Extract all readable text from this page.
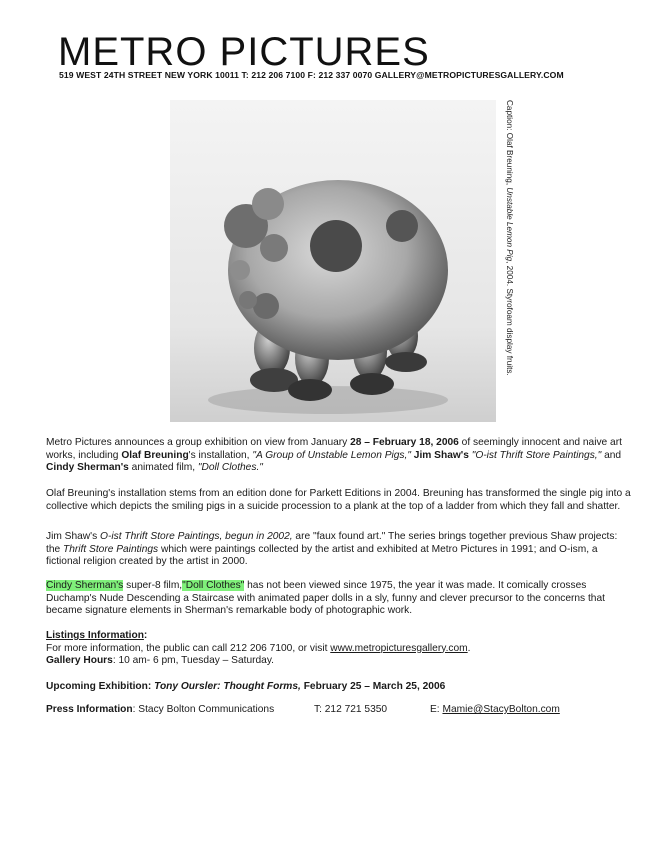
METRO PICTURES
519 WEST 24TH STREET NEW YORK 10011 T: 212 206 7100 F: 212 337 0070 GALLERY@METROPICTURESGALLERY.COM
Caption: Olaf Breuning, Unstable Lemon Pig, 2004. Styrofoam display fruits.
Metro Pictures announces a group exhibition on view from January 28 – February 18, 2006 of seemingly innocent and naive art works, including Olaf Breuning's installation, "A Group of Unstable Lemon Pigs," Jim Shaw's "O-ist Thrift Store Paintings," and Cindy Sherman's animated film, "Doll Clothes."
Olaf Breuning's installation stems from an edition done for Parkett Editions in 2004. Breuning has transformed the single pig into a collective which depicts the smiling pigs in a suicide procession to a plank at the top of a ladder from which they fall and shatter.
Jim Shaw's O-ist Thrift Store Paintings, begun in 2002, are "faux found art." The series brings together previous Shaw projects: the Thrift Store Paintings which were paintings collected by the artist and exhibited at Metro Pictures in 1991; and O-ism, a fictional religion created by the artist in 2000.
Cindy Sherman's super-8 film,"Doll Clothes" has not been viewed since 1975, the year it was made. It comically crosses Duchamp's Nude Descending a Staircase with animated paper dolls in a sly, funny and clever precursor to the concerns that became signature elements in Sherman's remarkable body of photographic work.
Listings Information:
For more information, the public can call 212 206 7100, or visit www.metropicturesgallery.com.
Gallery Hours: 10 am- 6 pm, Tuesday – Saturday.
Upcoming Exhibition: Tony Oursler: Thought Forms, February 25 – March 25, 2006
Press Information: Stacy Bolton Communications	T: 212 721 5350	E: Mamie@StacyBolton.com
